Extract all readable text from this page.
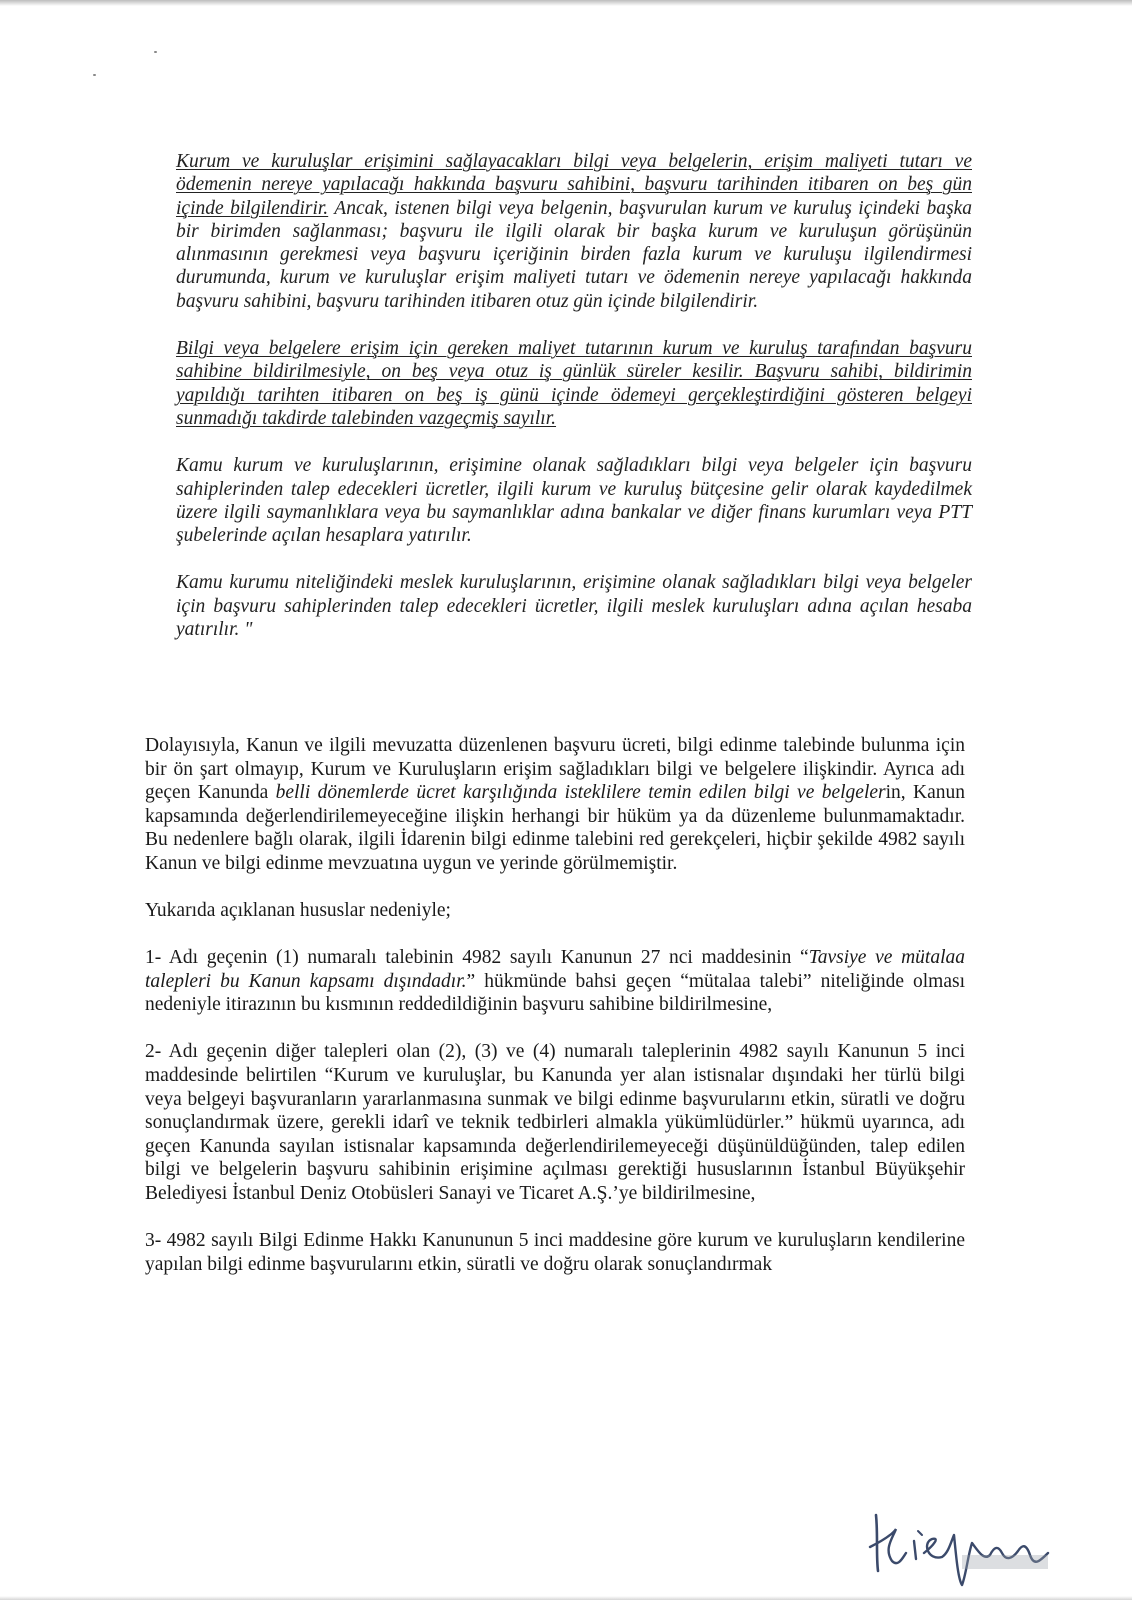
Kurum ve kuruluşlar erişimini sağlayacakları bilgi veya belgelerin, erişim maliyeti tutarı ve ödemenin nereye yapılacağı hakkında başvuru sahibini, başvuru tarihinden itibaren on beş gün içinde bilgilendirir. Ancak, istenen bilgi veya belgenin, başvurulan kurum ve kuruluş içindeki başka bir birimden sağlanması; başvuru ile ilgili olarak bir başka kurum ve kuruluşun görüşünün alınmasının gerekmesi veya başvuru içeriğinin birden fazla kurum ve kuruluşu ilgilendirmesi durumunda, kurum ve kuruluşlar erişim maliyeti tutarı ve ödemenin nereye yapılacağı hakkında başvuru sahibini, başvuru tarihinden itibaren otuz gün içinde bilgilendirir.

Bilgi veya belgelere erişim için gereken maliyet tutarının kurum ve kuruluş tarafından başvuru sahibine bildirilmesiyle, on beş veya otuz iş günlük süreler kesilir. Başvuru sahibi, bildirimin yapıldığı tarihten itibaren on beş iş günü içinde ödemeyi gerçekleştirdiğini gösteren belgeyi sunmadığı takdirde talebinden vazgeçmiş sayılır.

Kamu kurum ve kuruluşlarının, erişimine olanak sağladıkları bilgi veya belgeler için başvuru sahiplerinden talep edecekleri ücretler, ilgili kurum ve kuruluş bütçesine gelir olarak kaydedilmek üzere ilgili saymanlıklara veya bu saymanlıklar adına bankalar ve diğer finans kurumları veya PTT şubelerinde açılan hesaplara yatırılır.

Kamu kurumu niteliğindeki meslek kuruluşlarının, erişimine olanak sağladıkları bilgi veya belgeler için başvuru sahiplerinden talep edecekleri ücretler, ilgili meslek kuruluşları adına açılan hesaba yatırılır. "

Dolayısıyla, Kanun ve ilgili mevuzatta düzenlenen başvuru ücreti, bilgi edinme talebinde bulunma için bir ön şart olmayıp, Kurum ve Kuruluşların erişim sağladıkları bilgi ve belgelere ilişkindir. Ayrıca adı geçen Kanunda belli dönemlerde ücret karşılığında isteklilere temin edilen bilgi ve belgelerin, Kanun kapsamında değerlendirilemeyeceğine ilişkin herhangi bir hüküm ya da düzenleme bulunmamaktadır. Bu nedenlere bağlı olarak, ilgili İdarenin bilgi edinme talebini red gerekçeleri, hiçbir şekilde 4982 sayılı Kanun ve bilgi edinme mevzuatına uygun ve yerinde görülmemiştir.

Yukarıda açıklanan hususlar nedeniyle;

1- Adı geçenin (1) numaralı talebinin 4982 sayılı Kanunun 27 nci maddesinin “Tavsiye ve mütalaa talepleri bu Kanun kapsamı dışındadır.” hükmünde bahsi geçen “mütalaa talebi” niteliğinde olması nedeniyle itirazının bu kısmının reddedildiğinin başvuru sahibine bildirilmesine,

2- Adı geçenin diğer talepleri olan (2), (3) ve (4) numaralı taleplerinin 4982 sayılı Kanunun 5 inci maddesinde belirtilen “Kurum ve kuruluşlar, bu Kanunda yer alan istisnalar dışındaki her türlü bilgi veya belgeyi başvuranların yararlanmasına sunmak ve bilgi edinme başvurularını etkin, süratli ve doğru sonuçlandırmak üzere, gerekli idarî ve teknik tedbirleri almakla yükümlüdürler.” hükmü uyarınca, adı geçen Kanunda sayılan istisnalar kapsamında değerlendirilemeyeceği düşünüldüğünden, talep edilen bilgi ve belgelerin başvuru sahibinin erişimine açılması gerektiği hususlarının İstanbul Büyükşehir Belediyesi İstanbul Deniz Otobüsleri Sanayi ve Ticaret A.Ş.’ye bildirilmesine,

3- 4982 sayılı Bilgi Edinme Hakkı Kanununun 5 inci maddesine göre kurum ve kuruluşların kendilerine yapılan bilgi edinme başvurularını etkin, süratli ve doğru olarak sonuçlandırmak
